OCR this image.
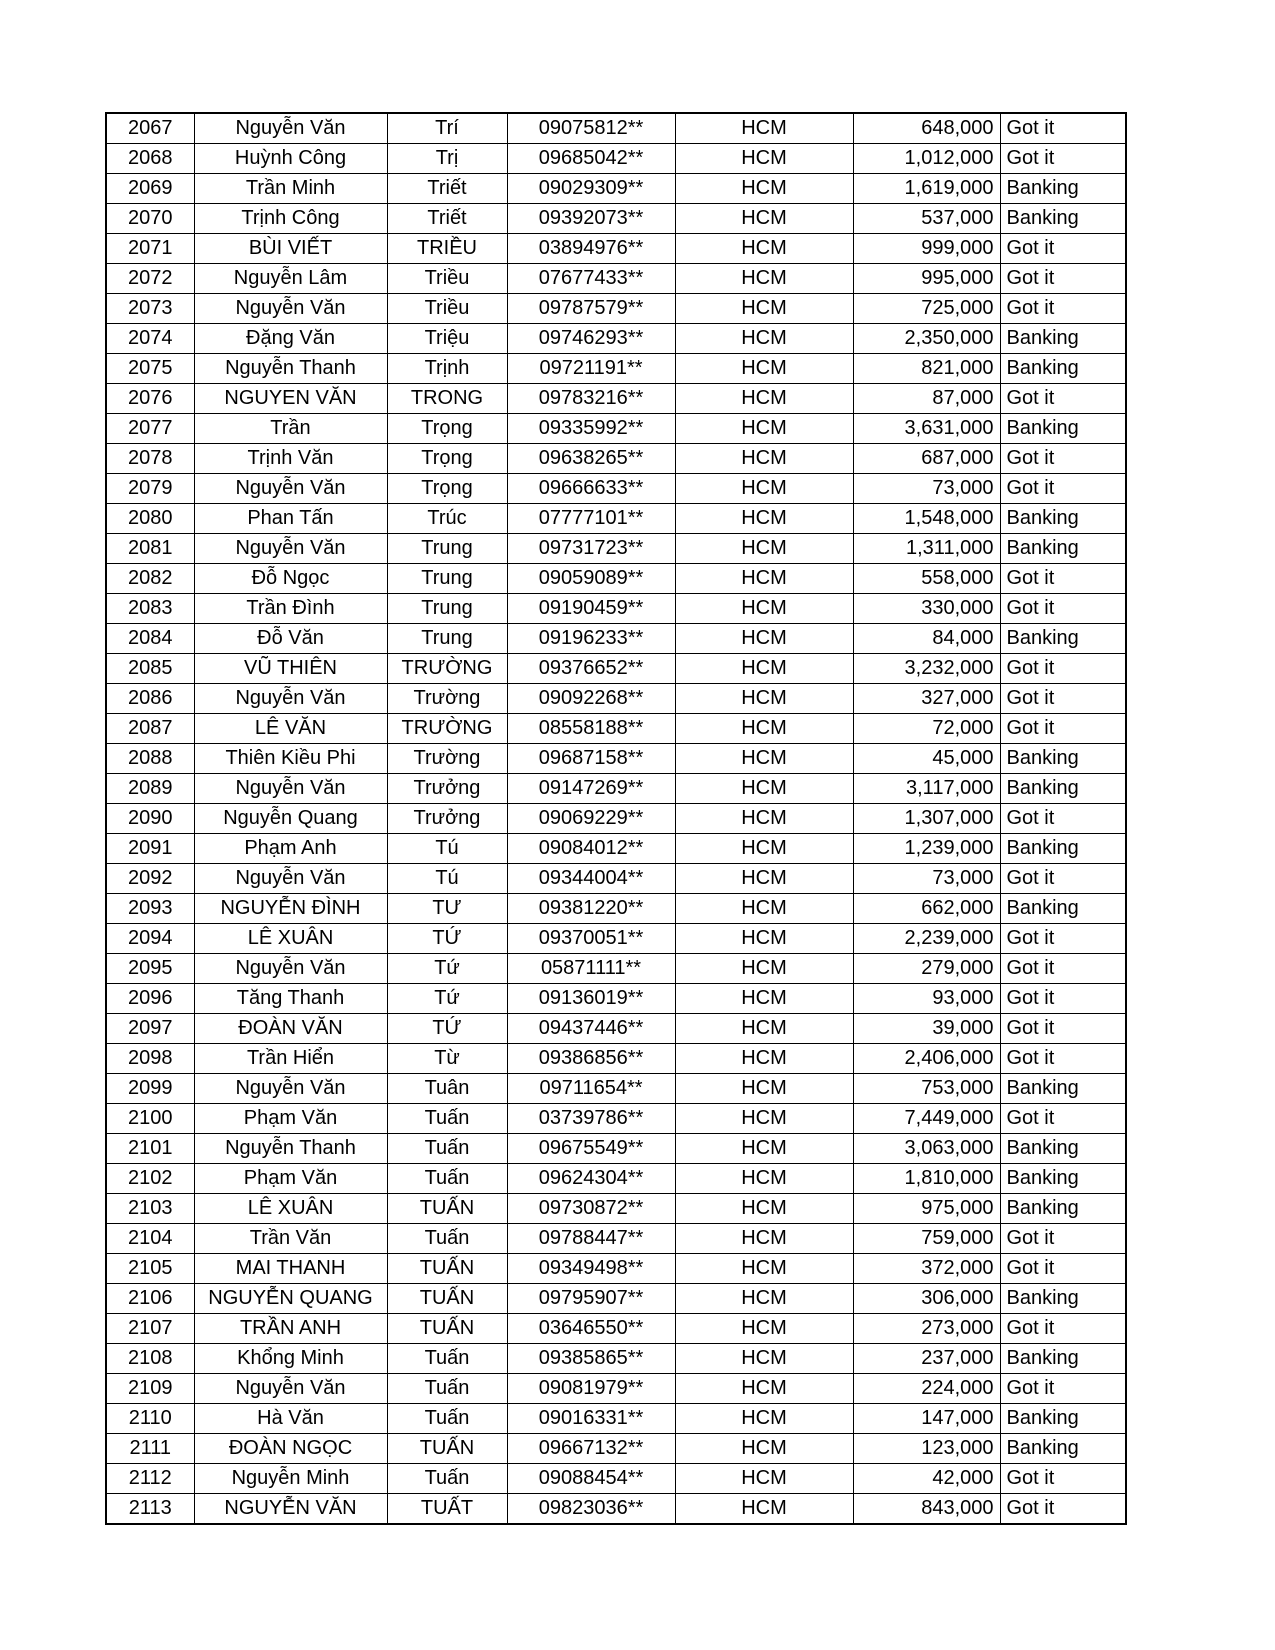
2067	Nguyễn Văn	Trí	09075812**	HCM	648,000	Got it
2068	Huỳnh Công	Trị	09685042**	HCM	1,012,000	Got it
2069	Trần Minh	Triết	09029309**	HCM	1,619,000	Banking
2070	Trịnh Công	Triết	09392073**	HCM	537,000	Banking
2071	BÙI VIẾT	TRIỀU	03894976**	HCM	999,000	Got it
2072	Nguyễn Lâm	Triều	07677433**	HCM	995,000	Got it
2073	Nguyễn Văn	Triều	09787579**	HCM	725,000	Got it
2074	Đặng Văn	Triệu	09746293**	HCM	2,350,000	Banking
2075	Nguyễn Thanh	Trịnh	09721191**	HCM	821,000	Banking
2076	NGUYEN VĂN	TRONG	09783216**	HCM	87,000	Got it
2077	Trần	Trọng	09335992**	HCM	3,631,000	Banking
2078	Trịnh Văn	Trọng	09638265**	HCM	687,000	Got it
2079	Nguyễn Văn	Trọng	09666633**	HCM	73,000	Got it
2080	Phan Tấn	Trúc	07777101**	HCM	1,548,000	Banking
2081	Nguyễn Văn	Trung	09731723**	HCM	1,311,000	Banking
2082	Đỗ Ngọc	Trung	09059089**	HCM	558,000	Got it
2083	Trần Đình	Trung	09190459**	HCM	330,000	Got it
2084	Đỗ Văn	Trung	09196233**	HCM	84,000	Banking
2085	VŨ THIÊN	TRƯỜNG	09376652**	HCM	3,232,000	Got it
2086	Nguyễn Văn	Trường	09092268**	HCM	327,000	Got it
2087	LÊ VĂN	TRƯỜNG	08558188**	HCM	72,000	Got it
2088	Thiên Kiều Phi	Trường	09687158**	HCM	45,000	Banking
2089	Nguyễn Văn	Trưởng	09147269**	HCM	3,117,000	Banking
2090	Nguyễn Quang	Trưởng	09069229**	HCM	1,307,000	Got it
2091	Phạm Anh	Tú	09084012**	HCM	1,239,000	Banking
2092	Nguyễn Văn	Tú	09344004**	HCM	73,000	Got it
2093	NGUYỄN ĐÌNH	TƯ	09381220**	HCM	662,000	Banking
2094	LÊ XUÂN	TỨ	09370051**	HCM	2,239,000	Got it
2095	Nguyễn Văn	Tứ	05871111**	HCM	279,000	Got it
2096	Tăng Thanh	Tứ	09136019**	HCM	93,000	Got it
2097	ĐOÀN VĂN	TỨ	09437446**	HCM	39,000	Got it
2098	Trần Hiển	Từ	09386856**	HCM	2,406,000	Got it
2099	Nguyễn Văn	Tuân	09711654**	HCM	753,000	Banking
2100	Phạm Văn	Tuấn	03739786**	HCM	7,449,000	Got it
2101	Nguyễn Thanh	Tuấn	09675549**	HCM	3,063,000	Banking
2102	Phạm Văn	Tuấn	09624304**	HCM	1,810,000	Banking
2103	LÊ XUÂN	TUẤN	09730872**	HCM	975,000	Banking
2104	Trần Văn	Tuấn	09788447**	HCM	759,000	Got it
2105	MAI THANH	TUẤN	09349498**	HCM	372,000	Got it
2106	NGUYỄN QUANG	TUẤN	09795907**	HCM	306,000	Banking
2107	TRẦN ANH	TUẤN	03646550**	HCM	273,000	Got it
2108	Khổng Minh	Tuấn	09385865**	HCM	237,000	Banking
2109	Nguyễn Văn	Tuấn	09081979**	HCM	224,000	Got it
2110	Hà Văn	Tuấn	09016331**	HCM	147,000	Banking
2111	ĐOÀN NGỌC	TUẤN	09667132**	HCM	123,000	Banking
2112	Nguyễn Minh	Tuấn	09088454**	HCM	42,000	Got it
2113	NGUYỄN VĂN	TUẤT	09823036**	HCM	843,000	Got it
